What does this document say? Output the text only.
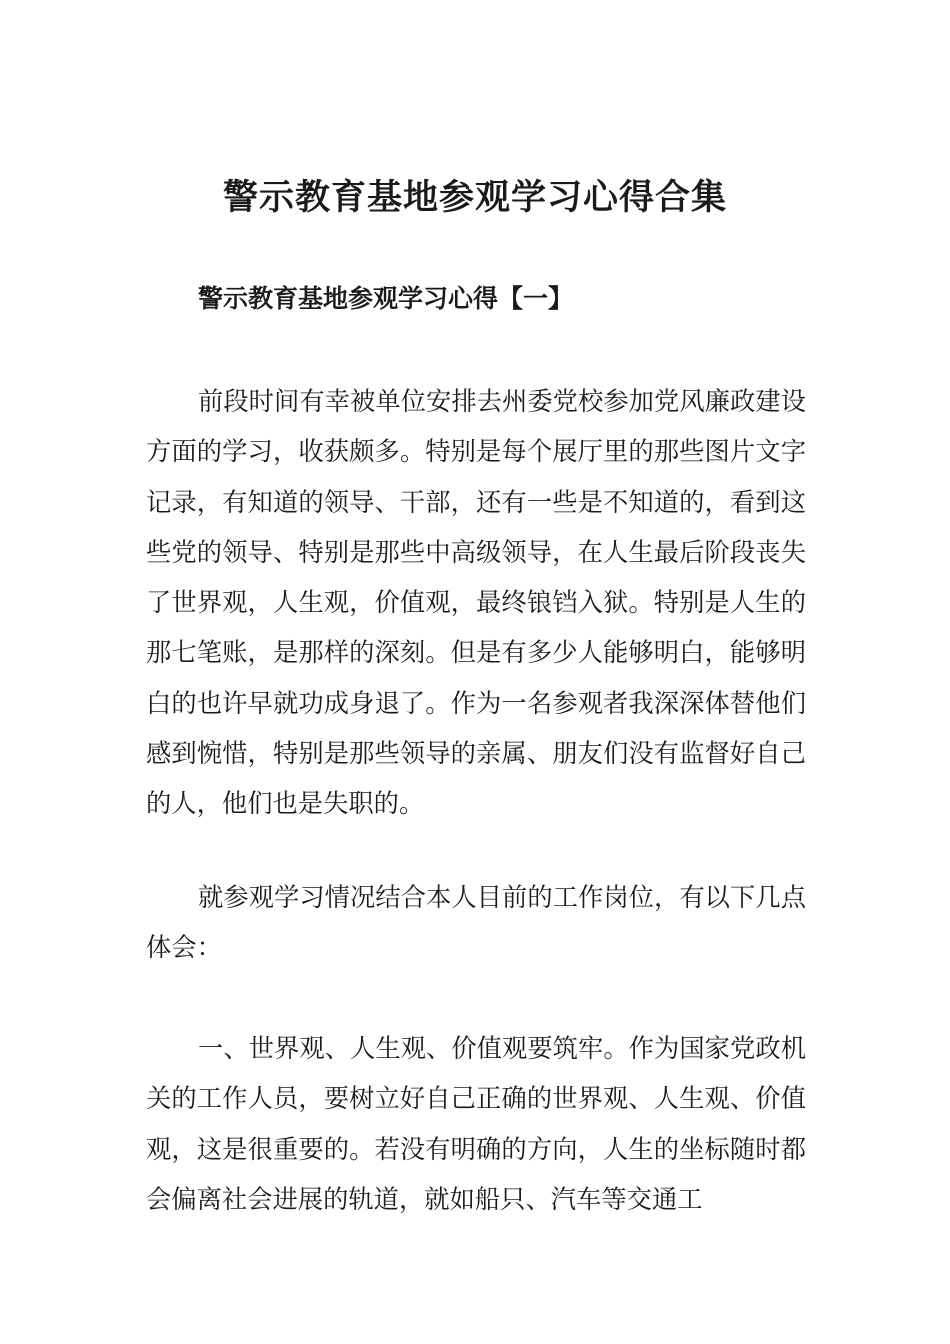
警示教育基地参观学习心得合集
警示教育基地参观学习心得【一】

前段时间有幸被单位安排去州委党校参加党风廉政建设方面的学习，收获颇多。特别是每个展厅里的那些图片文字记录，有知道的领导、干部，还有一些是不知道的，看到这些党的领导、特别是那些中高级领导，在人生最后阶段丧失了世界观，人生观，价值观，最终锒铛入狱。特别是人生的那七笔账，是那样的深刻。但是有多少人能够明白，能够明白的也许早就功成身退了。作为一名参观者我深深体替他们感到惋惜，特别是那些领导的亲属、朋友们没有监督好自己的人，他们也是失职的。

就参观学习情况结合本人目前的工作岗位，有以下几点体会：

一、世界观、人生观、价值观要筑牢。作为国家党政机关的工作人员，要树立好自己正确的世界观、人生观、价值观，这是很重要的。若没有明确的方向，人生的坐标随时都会偏离社会进展的轨道，就如船只、汽车等交通工
